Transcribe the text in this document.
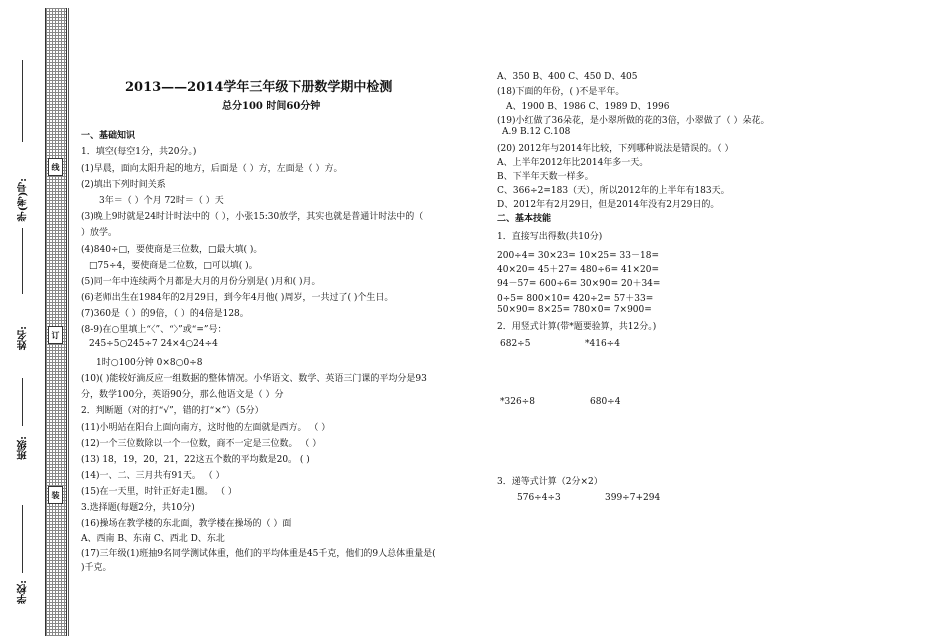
线
订
装
学(考)号:
姓名:
班级:
学校:
2013——2014学年三年级下册数学期中检测
总分100 时间60分钟
一、基础知识
1．填空(每空1分，共20分。)
(1)早晨，面向太阳升起的地方，后面是（ ）方，左面是（ ）方。
(2)填出下列时间关系
3年＝（ ）个月 72时＝（ ）天
(3)晚上9时就是24时计时法中的（ ），小张15:30放学，其实也就是普通计时法中的（
）放学。
(4)840÷□，要使商是三位数，□最大填( )。
□75÷4，要使商是二位数，□可以填( )。
(5)同一年中连续两个月都是大月的月份分别是( )月和( )月。
(6)老师出生在1984年的2月29日，到今年4月他( )周岁，一共过了( )个生日。
(7)360是（ ）的9倍，（ ）的4倍是128。
(8-9)在○里填上“〈”、“〉”或“=”号：
245÷5○245÷7 24×4○24÷4
1时○100分钟 0×8○0÷8
(10)( )能较好滴反应一组数据的整体情况。小华语文、数学、英语三门课的平均分是93
分，数学100分，英语90分，那么他语文是（ ）分
2．判断题（对的打“√”，错的打“×”）（5分）
(11)小明站在阳台上面向南方，这时他的左面就是西方。 （ ）
(12)一个三位数除以一个一位数，商不一定是三位数。 （ ）
(13) 18，19，20，21，22这五个数的平均数是20。 ( )
(14)一、二、三月共有91天。 （ ）
(15)在一天里，时针正好走1圈。 （ ）
3.选择题(每题2分，共10分)
(16)操场在教学楼的东北面，教学楼在操场的（ ）面
A、西南 B、东南 C、西北 D、东北
(17)三年级(1)班抽9名同学测试体重，他们的平均体重是45千克，他们的9人总体重量是(
)千克。
A、350 B、400 C、450 D、405
(18)下面的年份，( )不是平年。
A、1900 B、1986 C、1989 D、1996
(19)小红做了36朵花，是小翠所做的花的3倍，小翠做了（ ）朵花。
A.9 B.12 C.108
(20) 2012年与2014年比较，下列哪种说法是错误的。（ ）
A、上半年2012年比2014年多一天。
B、下半年天数一样多。
C、366÷2=183（天），所以2012年的上半年有183天。
D、2012年有2月29日，但是2014年没有2月29日的。
二、基本技能
1．直接写出得数(共10分)
200÷4= 30×23= 10×25= 33－18=
40×20= 45＋27= 480÷6= 41×20=
94－57= 600÷6= 30×90= 20＋34=
0÷5= 800×10= 420÷2= 57＋33=
50×90= 8×25= 780×0= 7×900=
2．用竖式计算(带*题要验算，共12分。)
682÷5	*416÷4
*326÷8	680÷4
3．递等式计算（2分×2）
576÷4÷3	399÷7+294
